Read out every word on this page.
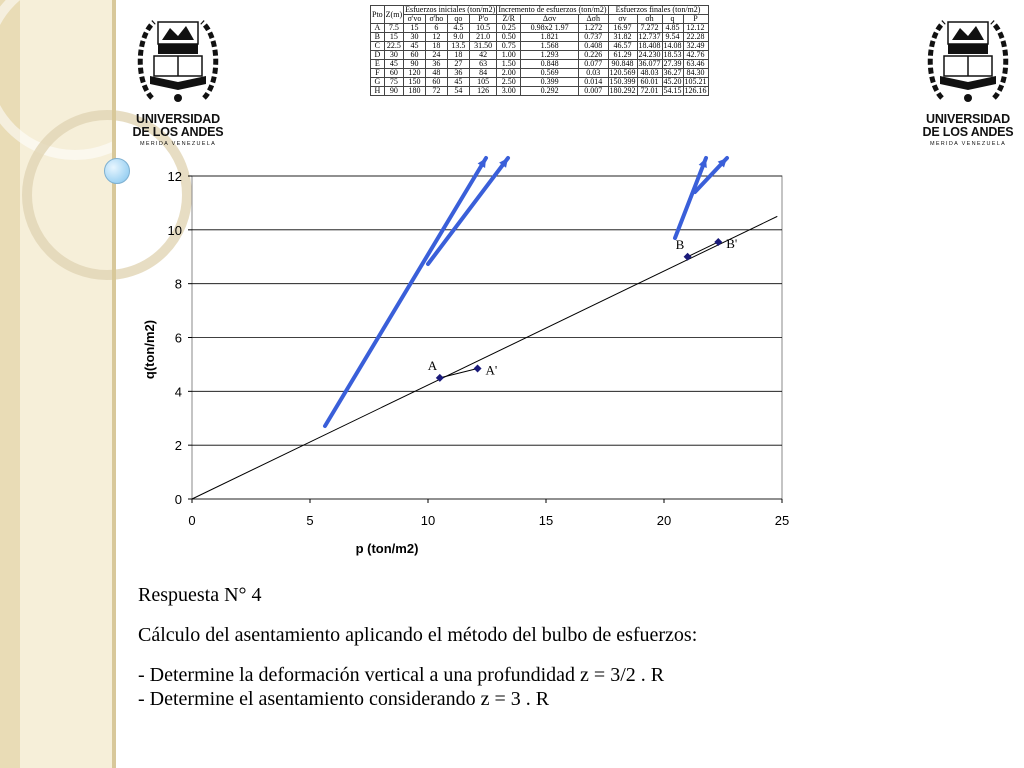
UNIVERSIDAD
DE LOS ANDES
MERIDA VENEZUELA
UNIVERSIDAD
DE LOS ANDES
MERIDA VENEZUELA
Pto	Z(m)	Esfuerzos iniciales (ton/m2)				Incremento de esfuerzos (ton/m2)			Esfuerzos finales (ton/m2)			
		σ'vo	σ'ho	qo	P'o	Z/R	Δσv	Δσh	σv	σh	q	P
A	7.5	15	6	4.5	10.5	0.25	0.98x2 1.97	1.272	16.97	7.272	4.85	12.12
B	15	30	12	9.0	21.0	0.50	1.821	0.737	31.82	12.737	9.54	22.28
C	22.5	45	18	13.5	31.50	0.75	1.568	0.408	46.57	18.408	14.08	32.49
D	30	60	24	18	42	1.00	1.293	0.226	61.29	24.230	18.53	42.76
E	45	90	36	27	63	1.50	0.848	0.077	90.848	36.077	27.39	63.46
F	60	120	48	36	84	2.00	0.569	0.03	120.569	48.03	36.27	84.30
G	75	150	60	45	105	2.50	0.399	0.014	150.399	60.01	45.20	105.21
H	90	180	72	54	126	3.00	0.292	0.007	180.292	72.01	54.15	126.16
0
2
4
6
8
10
12
0	5	10	15	20	25
p (ton/m2)
q(ton/m2)	A	A'
B	B'

Respuesta N° 4

Cálculo del asentamiento aplicando el método del bulbo de esfuerzos:

- Determine la deformación vertical a una profundidad z = 3/2 . R

- Determine el asentamiento considerando z = 3 . R
